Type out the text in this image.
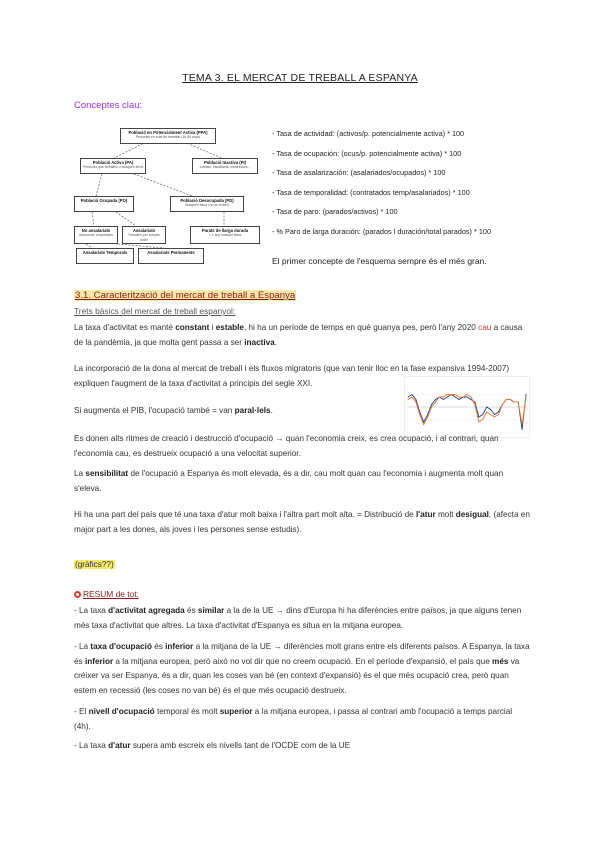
TEMA 3. EL MERCAT DE TREBALL A ESPANYA
Conceptes clau:
Població en Potencialment Activa (PPA)
Persones en edat de treballar (16-65 anys)
Població Activa (PA)
Persones que treballen o busquen feina
Població Inactiva (PI)
Jubilats, estudiants, mestresses...
Població Ocupada (PO)	Població Desocupada (PD)
Busquen feina i no en troben
No assalariats
Autònoms, empresaris
Assalariats
Treballen per compte d'altri
Parats de llarga durada
> 1 any buscant feina
Assalariats Temporals	Assalariats Permanents
- Tasa de actividad: (activos/p. potencialmente activa) * 100
- Tasa de ocupación: (ocus/p. potencialmente activa) * 100
- Tasa de asalarización: (asalariados/ocupados) * 100
- Tasa de temporalidad: (contratados temp/asalariados) * 100
- Tasa de paro: (parados/activos) * 100
- % Paro de larga duración: (parados l duración/total parados) * 100
El primer concepte de l'esquema sempre és el més gran.
3.1. Caracterització del mercat de treball a Espanya
Trets bàsics del mercat de treball espanyol:

La taxa d'activitat es manté constant i estable, hi ha un període de temps en què guanya pes, però l'any 2020 cau a causa de la pandèmia, ja que molta gent passa a ser inactiva.

La incorporació de la dona al mercat de treball i els fluxos migratoris (que van tenir lloc en la fase expansiva 1994-2007) expliquen l'augment de la taxa d'activitat a principis del segle XXI.

Si augmenta el PIB, l'ocupació també = van paral·lels.

Es donen alts ritmes de creació i destrucció d'ocupació → quan l'economia creix, es crea ocupació, i al contrari, quan l'economia cau, es destrueix ocupació a una velocitat superior.

La sensibilitat de l'ocupació a Espanya és molt elevada, és a dir, cau molt quan cau l'economia i augmenta molt quan s'eleva.

Hi ha una part del país que té una taxa d'atur molt baixa i l'altra part molt alta. = Distribució de l'atur molt desigual. (afecta en major part a les dones, als joves i les persones sense estudis).

(gràfics??)
RESUM de tot:

- La taxa d'activitat agregada és similar a la de la UE → dins d'Europa hi ha diferències entre països, ja que alguns tenen més taxa d'activitat que altres. La taxa d'activitat d'Espanya es situa en la mitjana europea.

- La taxa d'ocupació és inferior a la mitjana de la UE → diferències molt grans entre els diferents països. A Espanya, la taxa és inferior a la mitjana europea, però això no vol dir que no creem ocupació. En el període d'expansió, el país que més va créixer va ser Espanya, és a dir, quan les coses van bé (en context d'expansió) és el que més ocupació crea, però quan estem en recessió (les coses no van bé) és el que més ocupació destrueix.

- El nivell d'ocupació temporal és molt superior a la mitjana europea, i passa al contrari amb l'ocupació a temps parcial (4h).

- La taxa d'atur supera amb escreix els nivells tant de l'OCDE com de la UE
